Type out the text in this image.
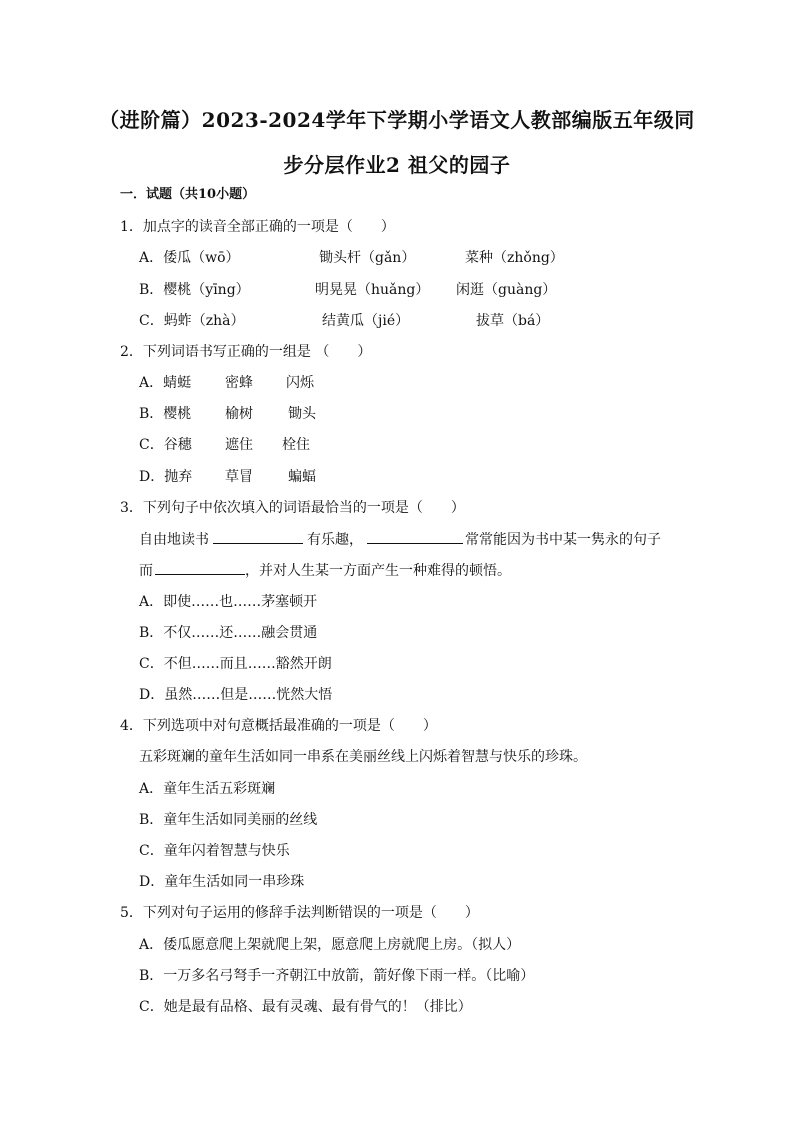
（进阶篇）2023-2024学年下学期小学语文人教部编版五年级同
步分层作业2 祖父的园子
一．试题（共10小题）
1．加点字的读音全部正确的一项是（　　）
A．倭瓜（wō）	锄头杆（gǎn）	菜种（zhǒng）
B．樱桃（yīng）	明晃晃（huǎng） 闲逛（guàng）
C．蚂蚱（zhà）	结黄瓜（jié）	拔草（bá）
2．下列词语书写正确的一组是 （　　）
A．蜻蜓 密蜂 闪烁
B．樱桃 榆树	锄头
C．谷穗 遮住 栓住
D．抛弃 草冒	蝙蝠
3．下列句子中依次填入的词语最恰当的一项是（　　）
自由地读书	有乐趣，	常常能因为书中某一隽永的句子
而	，并对人生某一方面产生一种难得的顿悟。
A．即使……也……茅塞顿开
B．不仅……还……融会贯通
C．不但……而且……豁然开朗
D．虽然……但是……恍然大悟
4．下列选项中对句意概括最准确的一项是（　　）
五彩斑斓的童年生活如同一串系在美丽丝线上闪烁着智慧与快乐的珍珠。
A．童年生活五彩斑斓
B．童年生活如同美丽的丝线
C．童年闪着智慧与快乐
D．童年生活如同一串珍珠
5．下列对句子运用的修辞手法判断错误的一项是（　　）
A．倭瓜愿意爬上架就爬上架，愿意爬上房就爬上房。（拟人）
B．一万多名弓弩手一齐朝江中放箭，箭好像下雨一样。（比喻）
C．她是最有品格、最有灵魂、最有骨气的！（排比）
